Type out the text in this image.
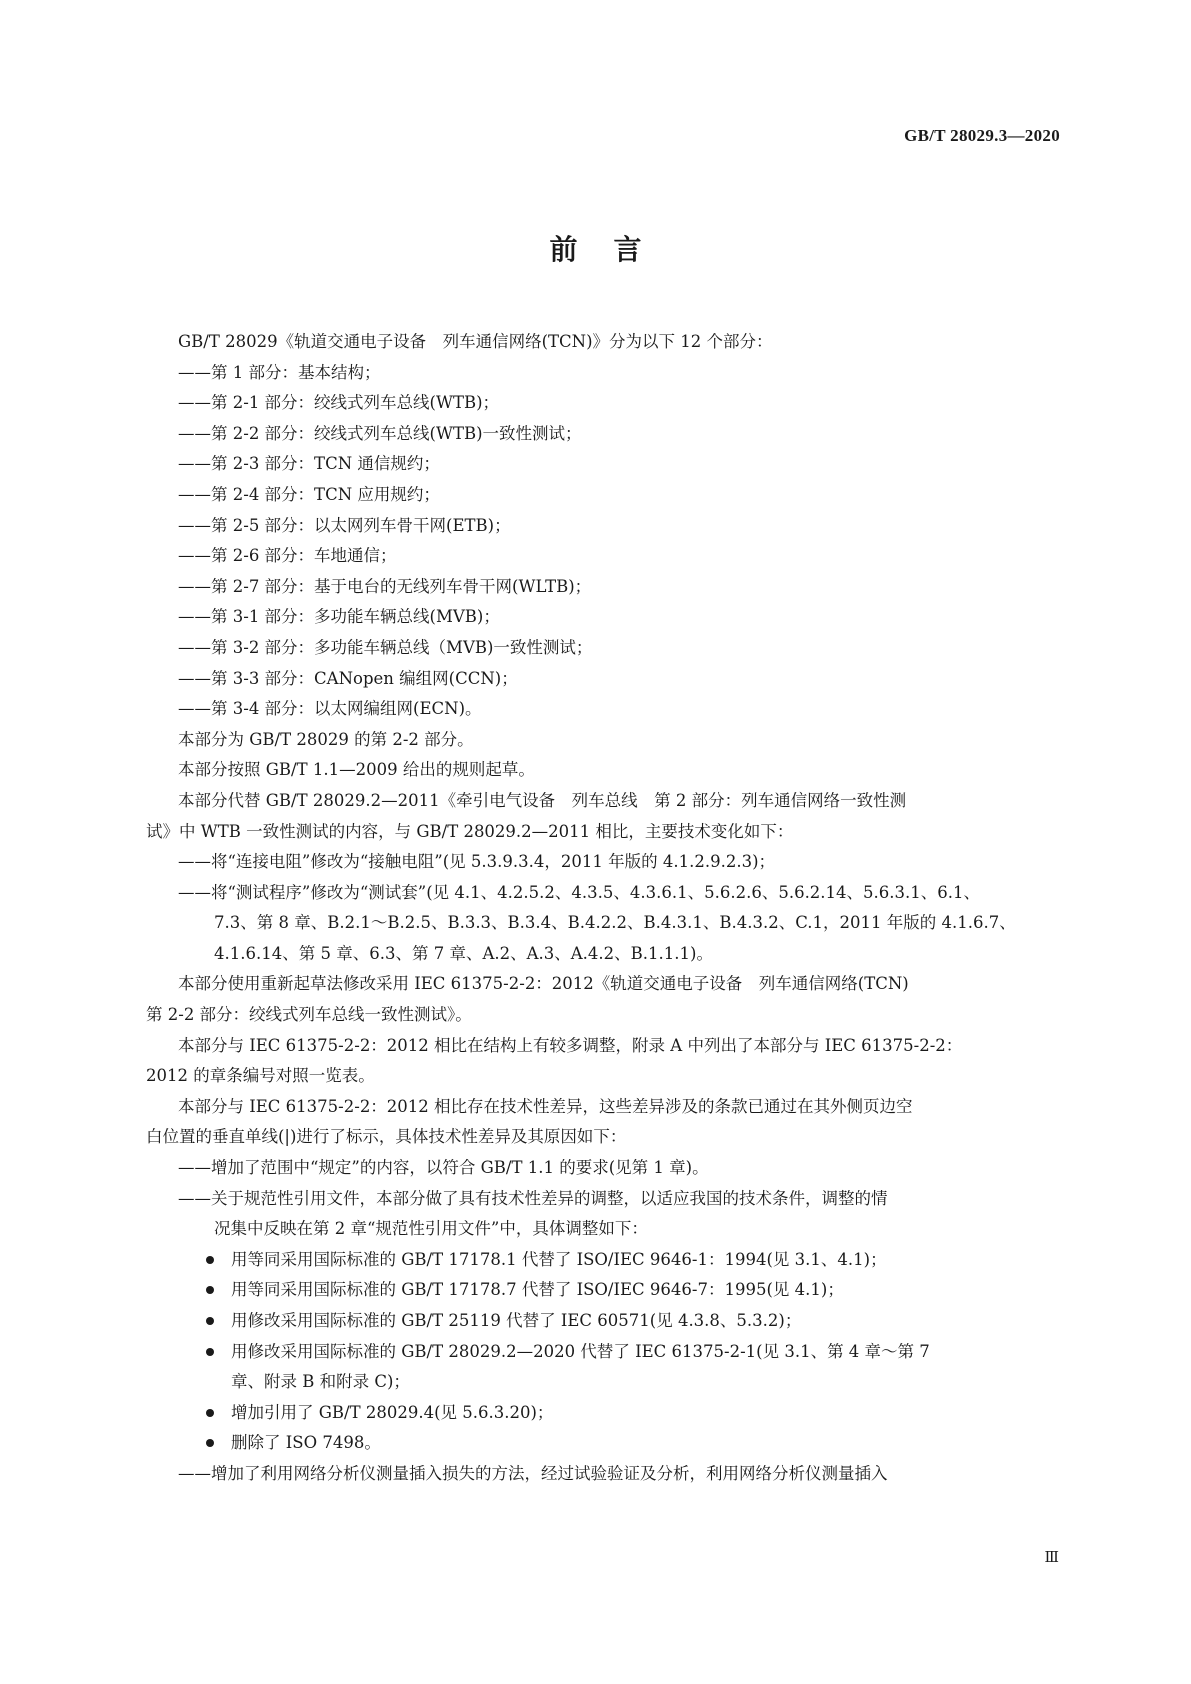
GB/T 28029.3—2020
前言
GB/T 28029《轨道交通电子设备　列车通信网络(TCN)》分为以下 12 个部分：
——第 1 部分：基本结构；
——第 2-1 部分：绞线式列车总线(WTB)；
——第 2-2 部分：绞线式列车总线(WTB)一致性测试；
——第 2-3 部分：TCN 通信规约；
——第 2-4 部分：TCN 应用规约；
——第 2-5 部分：以太网列车骨干网(ETB)；
——第 2-6 部分：车地通信；
——第 2-7 部分：基于电台的无线列车骨干网(WLTB)；
——第 3-1 部分：多功能车辆总线(MVB)；
——第 3-2 部分：多功能车辆总线（MVB)一致性测试；
——第 3-3 部分：CANopen 编组网(CCN)；
——第 3-4 部分：以太网编组网(ECN)。
本部分为 GB/T 28029 的第 2-2 部分。
本部分按照 GB/T 1.1—2009 给出的规则起草。
本部分代替 GB/T 28029.2—2011《牵引电气设备　列车总线　第 2 部分：列车通信网络一致性测
试》中 WTB 一致性测试的内容，与 GB/T 28029.2—2011 相比，主要技术变化如下：
——将“连接电阻”修改为“接触电阻”(见 5.3.9.3.4，2011 年版的 4.1.2.9.2.3)；
——将“测试程序”修改为“测试套”(见 4.1、4.2.5.2、4.3.5、4.3.6.1、5.6.2.6、5.6.2.14、5.6.3.1、6.1、
7.3、第 8 章、B.2.1～B.2.5、B.3.3、B.3.4、B.4.2.2、B.4.3.1、B.4.3.2、C.1，2011 年版的 4.1.6.7、
4.1.6.14、第 5 章、6.3、第 7 章、A.2、A.3、A.4.2、B.1.1.1)。
本部分使用重新起草法修改采用 IEC 61375-2-2：2012《轨道交通电子设备　列车通信网络(TCN)
第 2-2 部分：绞线式列车总线一致性测试》。
本部分与 IEC 61375-2-2：2012 相比在结构上有较多调整，附录 A 中列出了本部分与 IEC 61375-2-2：
2012 的章条编号对照一览表。
本部分与 IEC 61375-2-2：2012 相比存在技术性差异，这些差异涉及的条款已通过在其外侧页边空
白位置的垂直单线(|)进行了标示，具体技术性差异及其原因如下：
——增加了范围中“规定”的内容，以符合 GB/T 1.1 的要求(见第 1 章)。
——关于规范性引用文件，本部分做了具有技术性差异的调整，以适应我国的技术条件，调整的情
况集中反映在第 2 章“规范性引用文件”中，具体调整如下：
用等同采用国际标准的 GB/T 17178.1 代替了 ISO/IEC 9646-1：1994(见 3.1、4.1)；
用等同采用国际标准的 GB/T 17178.7 代替了 ISO/IEC 9646-7：1995(见 4.1)；
用修改采用国际标准的 GB/T 25119 代替了 IEC 60571(见 4.3.8、5.3.2)；
用修改采用国际标准的 GB/T 28029.2—2020 代替了 IEC 61375-2-1(见 3.1、第 4 章～第 7
章、附录 B 和附录 C)；
增加引用了 GB/T 28029.4(见 5.6.3.20)；
删除了 ISO 7498。
——增加了利用网络分析仪测量插入损失的方法，经过试验验证及分析，利用网络分析仪测量插入
Ⅲ
